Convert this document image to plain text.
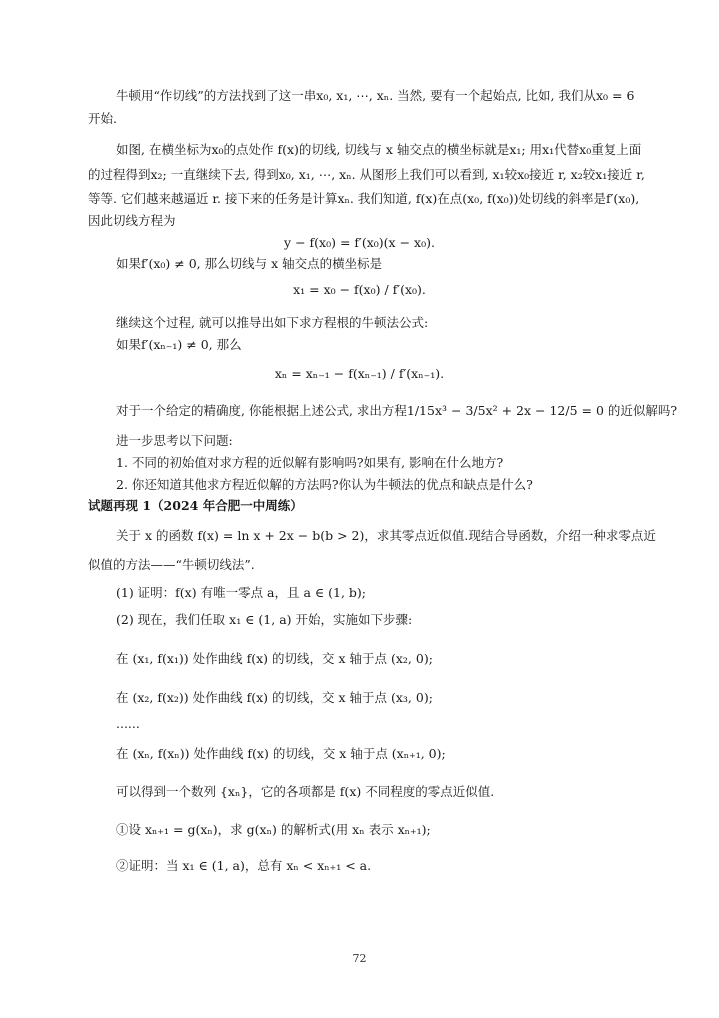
牛顿用“作切线”的方法找到了这一串x₀, x₁, ⋯, xₙ. 当然, 要有一个起始点, 比如, 我们从x₀ = 6
开始.
如图, 在横坐标为x₀的点处作 f(x)的切线, 切线与 x 轴交点的横坐标就是x₁; 用x₁代替x₀重复上面
的过程得到x₂; 一直继续下去, 得到x₀, x₁, ⋯, xₙ. 从图形上我们可以看到, x₁较x₀接近 r, x₂较x₁接近 r,
等等. 它们越来越逼近 r. 接下来的任务是计算xₙ. 我们知道, f(x)在点(x₀, f(x₀))处切线的斜率是f′(x₀),
因此切线方程为
y − f(x₀) = f′(x₀)(x − x₀).
如果f′(x₀) ≠ 0, 那么切线与 x 轴交点的横坐标是
x₁ = x₀ − f(x₀) / f′(x₀).
继续这个过程, 就可以推导出如下求方程根的牛顿法公式:
如果f′(xₙ₋₁) ≠ 0, 那么
xₙ = xₙ₋₁ − f(xₙ₋₁) / f′(xₙ₋₁).
对于一个给定的精确度, 你能根据上述公式, 求出方程1/15x³ − 3/5x² + 2x − 12/5 = 0 的近似解吗?
进一步思考以下问题:
1. 不同的初始值对求方程的近似解有影响吗?如果有, 影响在什么地方?
2. 你还知道其他求方程近似解的方法吗?你认为牛顿法的优点和缺点是什么?
试题再现 1（2024 年合肥一中周练）
关于 x 的函数 f(x) = ln x + 2x − b(b > 2)，求其零点近似值.现结合导函数，介绍一种求零点近
似值的方法——“牛顿切线法”.
(1) 证明：f(x) 有唯一零点 a，且 a ∈ (1, b);
(2) 现在，我们任取 x₁ ∈ (1, a) 开始，实施如下步骤:
在 (x₁, f(x₁)) 处作曲线 f(x) 的切线，交 x 轴于点 (x₂, 0);
在 (x₂, f(x₂)) 处作曲线 f(x) 的切线，交 x 轴于点 (x₃, 0);
......
在 (xₙ, f(xₙ)) 处作曲线 f(x) 的切线，交 x 轴于点 (xₙ₊₁, 0);
可以得到一个数列 {xₙ}，它的各项都是 f(x) 不同程度的零点近似值.
①设 xₙ₊₁ = g(xₙ)，求 g(xₙ) 的解析式(用 xₙ 表示 xₙ₊₁);
②证明：当 x₁ ∈ (1, a)，总有 xₙ < xₙ₊₁ < a.
72
